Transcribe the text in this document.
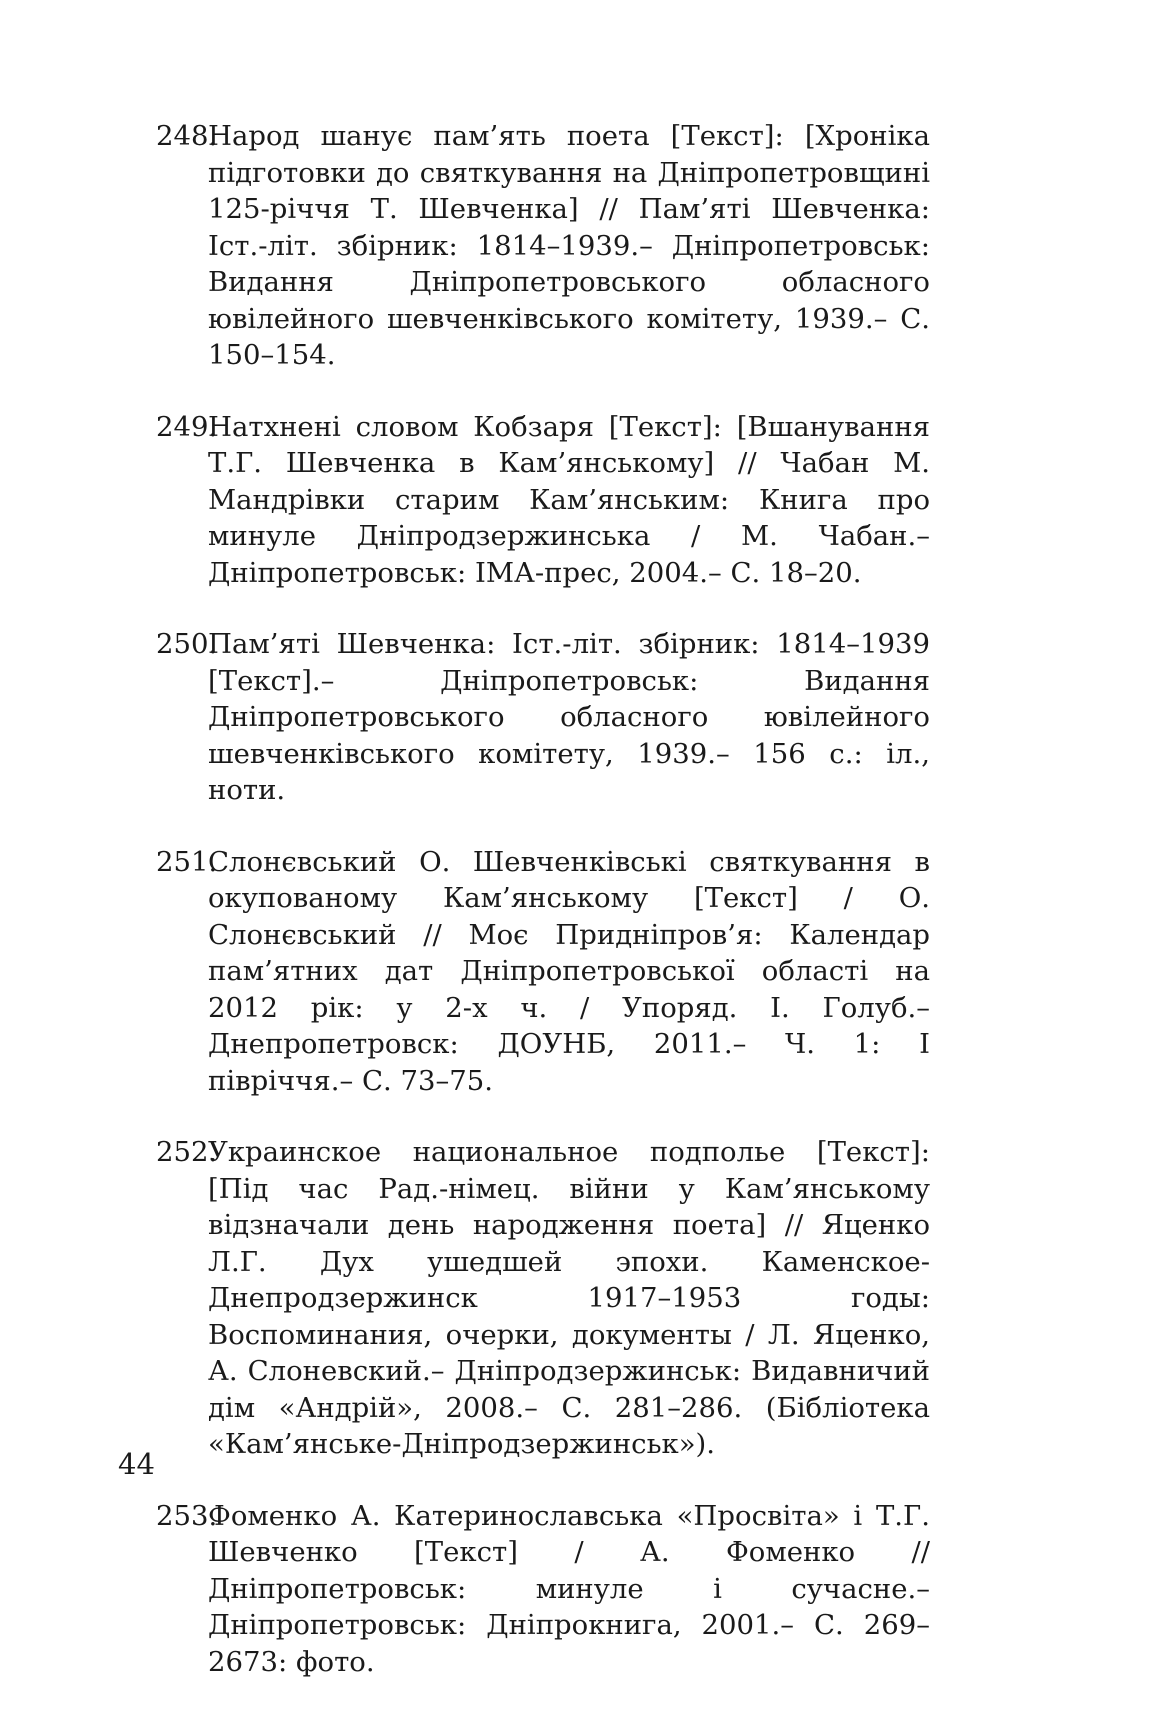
248.
Народ шанує пам’ять поета [Текст]: [Хроніка підготовки до святкування на Дніпропетровщині 125-річчя Т. Шевченка] // Пам’яті Шевченка: Іст.-літ. збірник: 1814–1939.– Дніпропетровськ: Видання Дніпропетровського обласного ювілейного шевченківського комітету, 1939.– С. 150–154.
249.
Натхнені словом Кобзаря [Текст]: [Вшанування Т.Г. Шевченка в Кам’янському] // Чабан М. Мандрівки старим Кам’янським: Книга про минуле Дніпродзержинська / М. Чабан.– Дніпропетровськ: ІМА-прес, 2004.– С. 18–20.
250.
Пам’яті Шевченка: Іст.-літ. збірник: 1814–1939 [Текст].– Дніпропетровськ: Видання Дніпропетровського обласного ювілейного шевченківського комітету, 1939.– 156 с.: іл., ноти.
251.
Слонєвський О. Шевченківські святкування в окупованому Кам’янському [Текст] / О. Слонєвський // Моє Придніпров’я: Календар пам’ятних дат Дніпропетровської області на 2012 рік: у 2-х ч. / Упоряд. І. Голуб.– Днепропетровск: ДОУНБ, 2011.– Ч. 1: І півріччя.– С. 73–75.
252.
Украинское национальное подполье [Текст]: [Під час Рад.-німец. війни у Кам’янському відзначали день народження поета] // Яценко Л.Г. Дух ушедшей эпохи. Каменское-Днепродзержинск 1917–1953 годы: Воспоминания, очерки, документы / Л. Яценко, А. Слоневский.– Дніпродзержинськ: Видавничий дім «Андрій», 2008.– С. 281–286. (Бібліотека «Кам’янське-Дніпродзержинськ»).
253.
Фоменко А. Катеринославська «Просвіта» і Т.Г. Шевченко [Текст] / А. Фоменко // Дніпропетровськ: минуле і сучасне.– Дніпропетровськ: Дніпрокнига, 2001.– С. 269–2673: фото.
44
